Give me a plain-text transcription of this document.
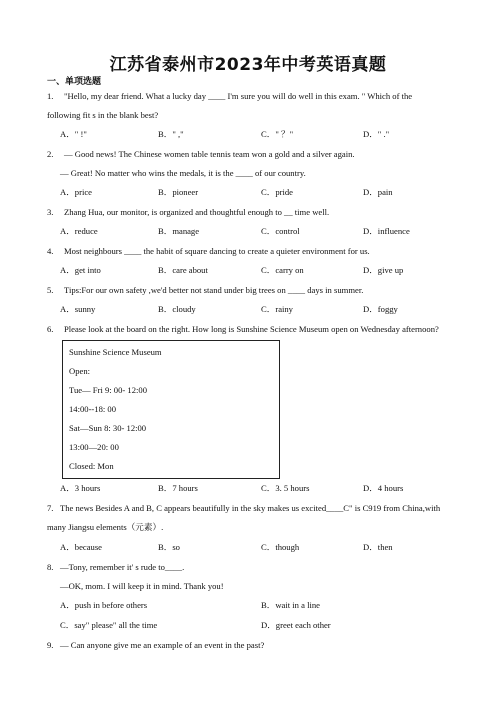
江苏省泰州市2023年中考英语真题
一、单项选题
1. "Hello, my dear friend. What a lucky day ____ I'm sure you will do well in this exam. " Which of the
following fit s in the blank best?
A．" !"	B．" ,"	C．" ？"	D．" ."
2. — Good news! The Chinese women table tennis team won a gold and a silver again.
— Great! No matter who wins the medals, it is the ____ of our country.
A．price	B．pioneer	C．pride	D．pain
3. Zhang Hua, our monitor, is organized and thoughtful enough to __ time well.
A．reduce	B．manage	C．control	D．influence
4. Most neighbours ____ the habit of square dancing to create a quieter environment for us.
A．get into	B．care about	C．carry on	D．give up
5. Tips:For our own safety ,we'd better not stand under big trees on ____ days in summer.
A．sunny	B．cloudy	C．rainy	D．foggy
6. Please look at the board on the right. How long is Sunshine Science Museum open on Wednesday afternoon?
Sunshine Science Museum
Open:
Tue— Fri 9: 00- 12:00
14:00--18: 00
Sat—Sun 8: 30- 12:00
13:00—20: 00
Closed: Mon
A．3 hours	B．7 hours	C．3. 5 hours	D．4 hours
7. The news Besides A and B, C appears beautifully in the sky makes us excited____C" is C919 from China,with
many Jiangsu elements（元素）.
A．because	B．so	C．though	D．then
8. —Tony, remember it' s rude to____.
—OK, mom. I will keep it in mind. Thank you!
A．push in before others	B．wait in a line
C．say" please" all the time	D．greet each other
9. — Can anyone give me an example of an event in the past?
